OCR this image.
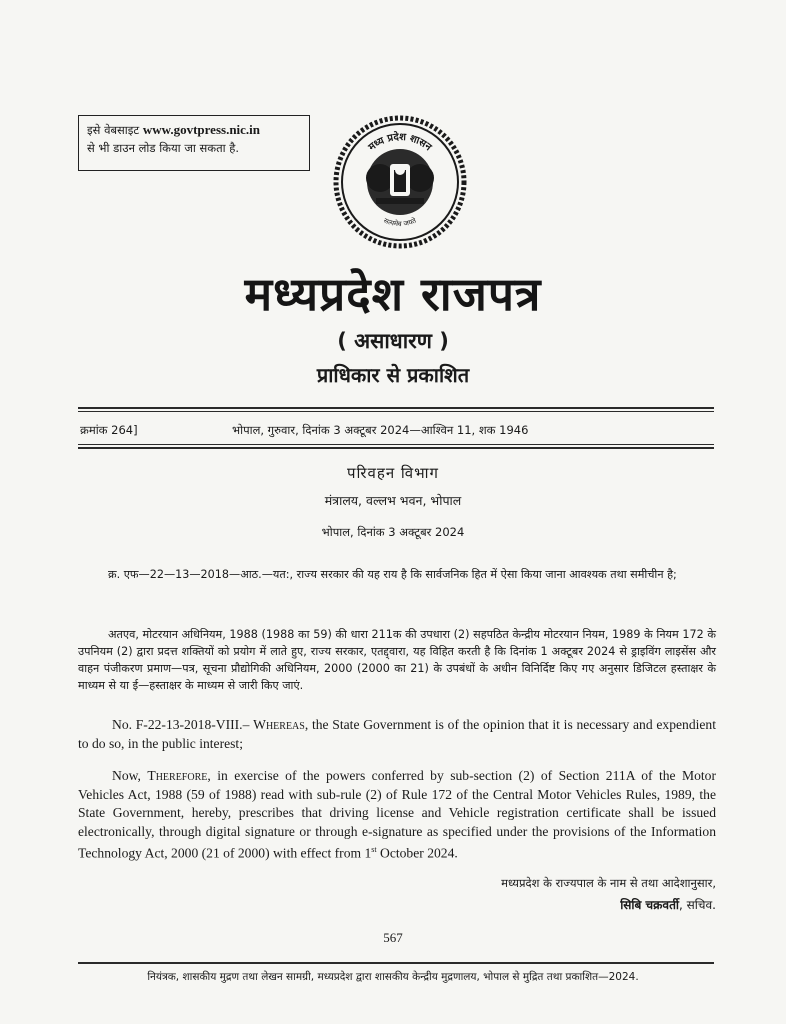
इसे वेबसाइट www.govtpress.nic.in
से भी डाउन लोड किया जा सकता है.	मध्य प्रदेश शासन
सत्यमेव जयते
मध्यप्रदेश राजपत्र
( असाधारण )
प्राधिकार से प्रकाशित
क्रमांक 264]	भोपाल, गुरुवार, दिनांक 3 अक्टूबर 2024—आश्विन 11, शक 1946
परिवहन विभाग
मंत्रालय, वल्लभ भवन, भोपाल
भोपाल, दिनांक 3 अक्टूबर 2024

क्र. एफ—22—13—2018—आठ.—यत:, राज्य सरकार की यह राय है कि सार्वजनिक हित में ऐसा किया जाना आवश्यक तथा समीचीन है;

अतएव, मोटरयान अधिनियम, 1988 (1988 का 59) की धारा 211क की उपधारा (2) सहपठित केन्द्रीय मोटरयान नियम, 1989 के नियम 172 के उपनियम (2) द्वारा प्रदत्त शक्तियों को प्रयोग में लाते हुए, राज्य सरकार, एतद्द्वारा, यह विहित करती है कि दिनांक 1 अक्टूबर 2024 से ड्राइविंग लाइसेंस और वाहन पंजीकरण प्रमाण—पत्र, सूचना प्रौद्योगिकी अधिनियम, 2000 (2000 का 21) के उपबंधों के अधीन विनिर्दिष्ट किए गए अनुसार डिजिटल हस्ताक्षर के माध्यम से या ई—हस्ताक्षर के माध्यम से जारी किए जाएं.

No. F-22-13-2018-VIII.– Whereas, the State Government is of the opinion that it is necessary and expendient to do so, in the public interest;

Now, Therefore, in exercise of the powers conferred by sub-section (2) of Section 211A of the Motor Vehicles Act, 1988 (59 of 1988) read with sub-rule (2) of Rule 172 of the Central Motor Vehicles Rules, 1989, the State Government, hereby, prescribes that driving license and Vehicle registration certificate shall be issued electronically, through digital signature or through e-signature as specified under the provisions of the Information Technology Act, 2000 (21 of 2000) with effect from 1st October 2024.

मध्यप्रदेश के राज्यपाल के नाम से तथा आदेशानुसार,
सिबि चक्रवर्ती, सचिव.
567
नियंत्रक, शासकीय मुद्रण तथा लेखन सामग्री, मध्यप्रदेश द्वारा शासकीय केन्द्रीय मुद्रणालय, भोपाल से मुद्रित तथा प्रकाशित—2024.
